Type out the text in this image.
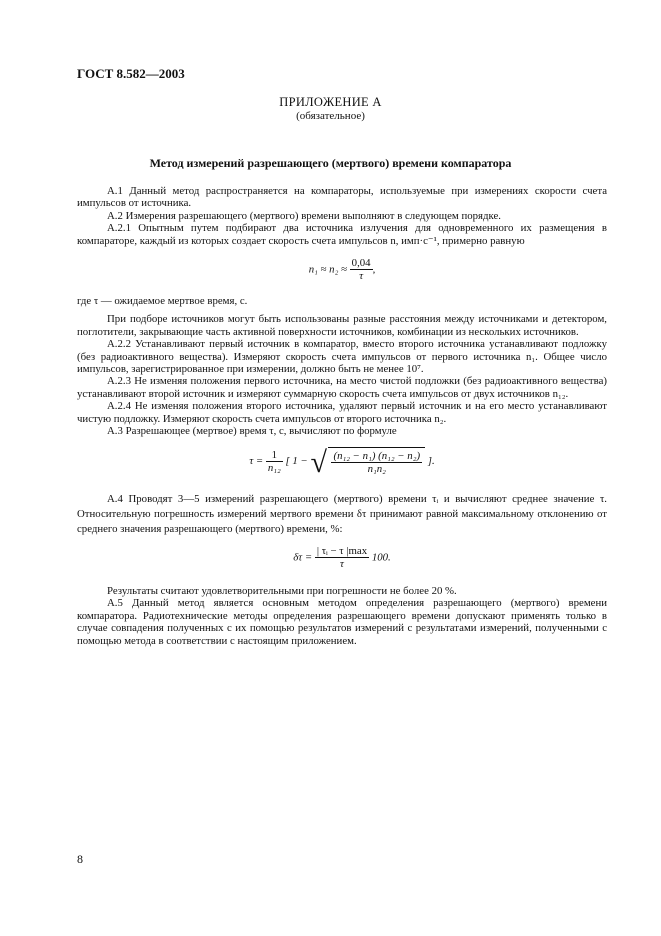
ГОСТ 8.582—2003
ПРИЛОЖЕНИЕ А
(обязательное)
Метод измерений разрешающего (мертвого) времени компаратора

А.1 Данный метод распространяется на компараторы, используемые при измерениях скорости счета импульсов от источника.

А.2 Измерения разрешающего (мертвого) времени выполняют в следующем порядке.

А.2.1 Опытным путем подбирают два источника излучения для одновременного их размещения в компараторе, каждый из которых создает скорость счета импульсов n, имп·с⁻¹, примерно равную

$n_1 \approx n_2 \approx \frac{0,04}{\tau}$ ,

где τ — ожидаемое мертвое время, с.

При подборе источников могут быть использованы разные расстояния между источниками и детектором, поглотители, закрывающие часть активной поверхности источников, комбинации из нескольких источников.

А.2.2 Устанавливают первый источник в компаратор, вместо второго источника устанавливают подложку (без радиоактивного вещества). Измеряют скорость счета импульсов от первого источника n₁. Общее число импульсов, зарегистрированное при измерении, должно быть не менее 10⁷.

А.2.3 Не изменяя положения первого источника, на место чистой подложки (без радиоактивного вещества) устанавливают второй источник и измеряют суммарную скорость счета импульсов от двух источников n₁₂.

А.2.4 Не изменяя положения второго источника, удаляют первый источник и на его место устанавливают чистую подложку. Измеряют скорость счета импульсов от второго источника n₂.

А.3 Разрешающее (мертвое) время τ, с, вычисляют по формуле

$\tau = \frac{1}{\text{n₁₂}}$ [ 1 − √ $\frac{\text{(n₁₂ − n₁) (n₁₂ − n₂)}}{\text{n₁n₂}}$ ].

А.4 Проводят 3—5 измерений разрешающего (мертвого) времени τᵢ и вычисляют среднее значение τ. Относительную погрешность измерений мертвого времени δτ принимают равной максимальному отклонению от среднего значения разрешающего (мертвого) времени, %:

$\delta\tau = \frac{\text{| τᵢ − τ |max}}{\tau} 100$.

Результаты считают удовлетворительными при погрешности не более 20 %.

А.5 Данный метод является основным методом определения разрешающего (мертвого) времени компаратора. Радиотехнические методы определения разрешающего времени допускают применять только в случае совпадения полученных с их помощью результатов измерений с результатами измерений, полученными с помощью метода в соответствии с настоящим приложением.

8
